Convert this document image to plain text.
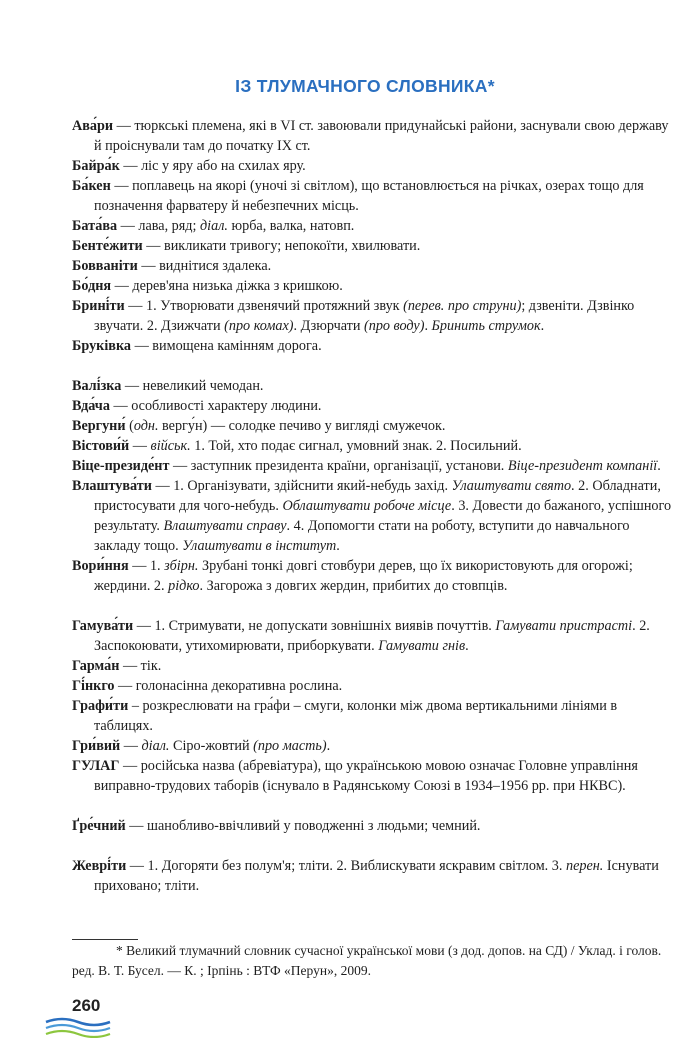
ІЗ ТЛУМАЧНОГО СЛОВНИКА*

Ава́ри — тюркські племена, які в VI ст. завоювали придунайські райони, заснували свою державу й проіснували там до початку IX ст.

Байра́к — ліс у яру або на схилах яру.

Ба́кен — поплавець на якорі (уночі зі світлом), що встановлюється на річках, озерах тощо для позначення фарватеру й небезпечних місць.

Бата́ва — лава, ряд; діал. юрба, валка, натовп.

Бенте́жити — викликати тривогу; непокоїти, хвилювати.

Бовваніти — виднітися здалека.

Бо́дня — дерев'яна низька діжка з кришкою.

Брині́ти — 1. Утворювати дзвенячий протяжний звук (перев. про струни); дзвеніти. Дзвінко звучати. 2. Дзижчати (про комах). Дзюрчати (про воду). Бринить струмок.

Бруківка — вимощена камінням дорога.

Валі́зка — невеликий чемодан.

Вда́ча — особливості характеру людини.

Вергуни́ (одн. вергу́н) — солодке печиво у вигляді смужечок.

Вістови́й — військ. 1. Той, хто подає сигнал, умовний знак. 2. Посильний.

Віце-президе́нт — заступник президента країни, організації, установи. Віце-президент компанії.

Влаштува́ти — 1. Організувати, здійснити який-небудь захід. Улаштувати свято. 2. Обладнати, пристосувати для чого-небудь. Облаштувати робоче місце. 3. Довести до бажаного, успішного результату. Влаштувати справу. 4. Допомогти стати на роботу, вступити до навчального закладу тощо. Улаштувати в інститут.

Вори́ння — 1. збірн. Зрубані тонкі довгі стовбури дерев, що їх використовують для огорожі; жердини. 2. рідко. Загорожа з довгих жердин, прибитих до стовпців.

Гамува́ти — 1. Стримувати, не допускати зовнішніх виявів почуттів. Гамувати пристрасті. 2. Заспокоювати, утихомирювати, приборкувати. Гамувати гнів.

Гарма́н — тік.

Гі́нкго — голонасінна декоративна рослина.

Графи́ти – розкреслювати на гра́фи – смуги, колонки між двома вертикальними лініями в таблицях.

Гри́вий — діал. Сіро-жовтий (про масть).

ГУЛАГ — російська назва (абревіатура), що українською мовою означає Головне управління виправно-трудових таборів (існувало в Радянському Союзі в 1934–1956 рр. при НКВС).

Ґре́чний — шанобливо-ввічливий у поводженні з людьми; чемний.

Жеврі́ти — 1. Догоряти без полум'я; тліти. 2. Виблискувати яскравим світлом. 3. перен. Існувати приховано; тліти.

* Великий тлумачний словник сучасної української мови (з дод. допов. на СД) / Уклад. і голов. ред. В. Т. Бусел. — К. ; Ірпінь : ВТФ «Перун», 2009.
260
